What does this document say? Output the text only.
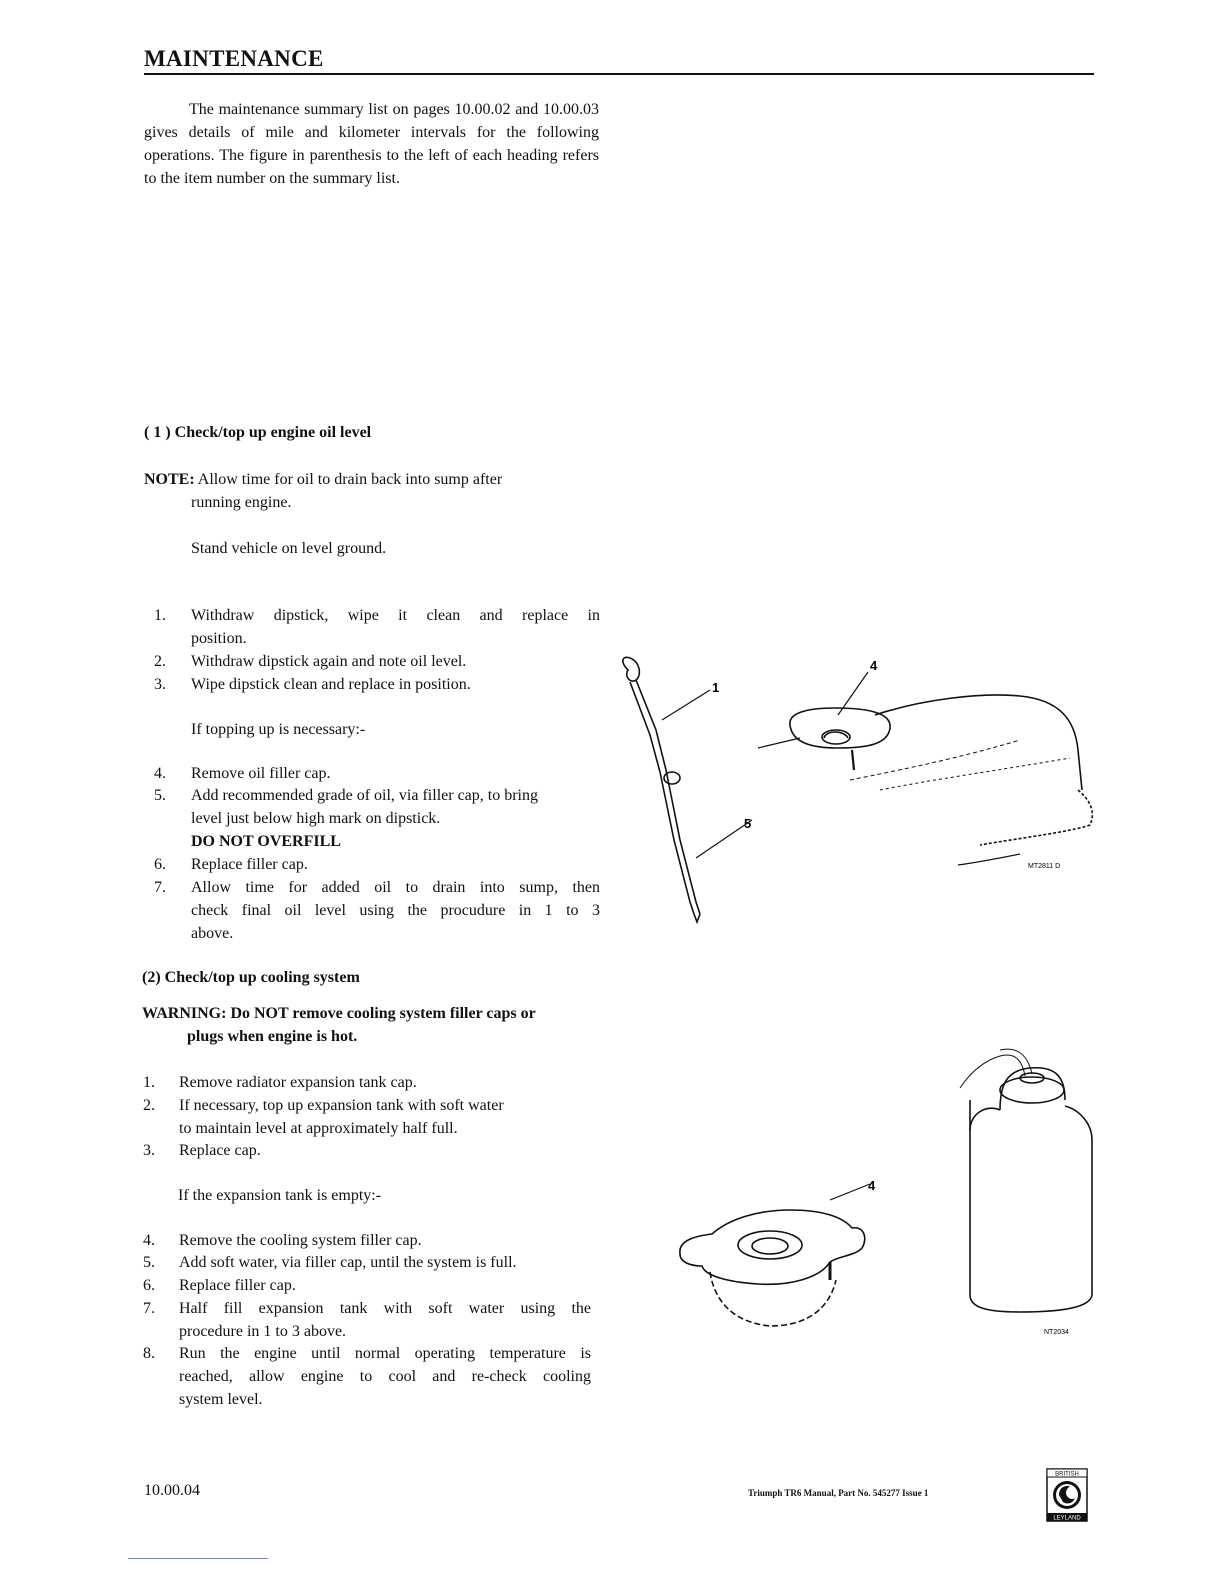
MAINTENANCE
The maintenance summary list on pages 10.00.02 and 10.00.03 gives details of mile and kilometer intervals for the following operations. The figure in parenthesis to the left of each heading refers to the item number on the summary list.
( 1 ) Check/top up engine oil level
NOTE: Allow time for oil to drain back into sump after
running engine.
Stand vehicle on level ground.
1. Withdraw dipstick, wipe it clean and replace in
position.
2. Withdraw dipstick again and note oil level.
3. Wipe dipstick clean and replace in position.
If topping up is necessary:-
4. Remove oil filler cap.
5. Add recommended grade of oil, via filler cap, to bring
level just below high mark on dipstick.
DO NOT OVERFILL
6. Replace filler cap.
7. Allow time for added oil to drain into sump, then
check final oil level using the procudure in 1 to 3
above.
(2) Check/top up cooling system
WARNING: Do NOT remove cooling system filler caps or
plugs when engine is hot.
1. Remove radiator expansion tank cap.
2. If necessary, top up expansion tank with soft water
to maintain level at approximately half full.
3. Replace cap.
If the expansion tank is empty:-
4. Remove the cooling system filler cap.
5. Add soft water, via filler cap, until the system is full.
6. Replace filler cap.
7. Half fill expansion tank with soft water using the
procedure in 1 to 3 above.
8. Run the engine until normal operating temperature is
reached, allow engine to cool and re-check cooling
system level.
1
4
5
MT2811 D
4
NT2034
10.00.04	Triumph TR6 Manual, Part No. 545277 Issue 1
BRITISH
LEYLAND
